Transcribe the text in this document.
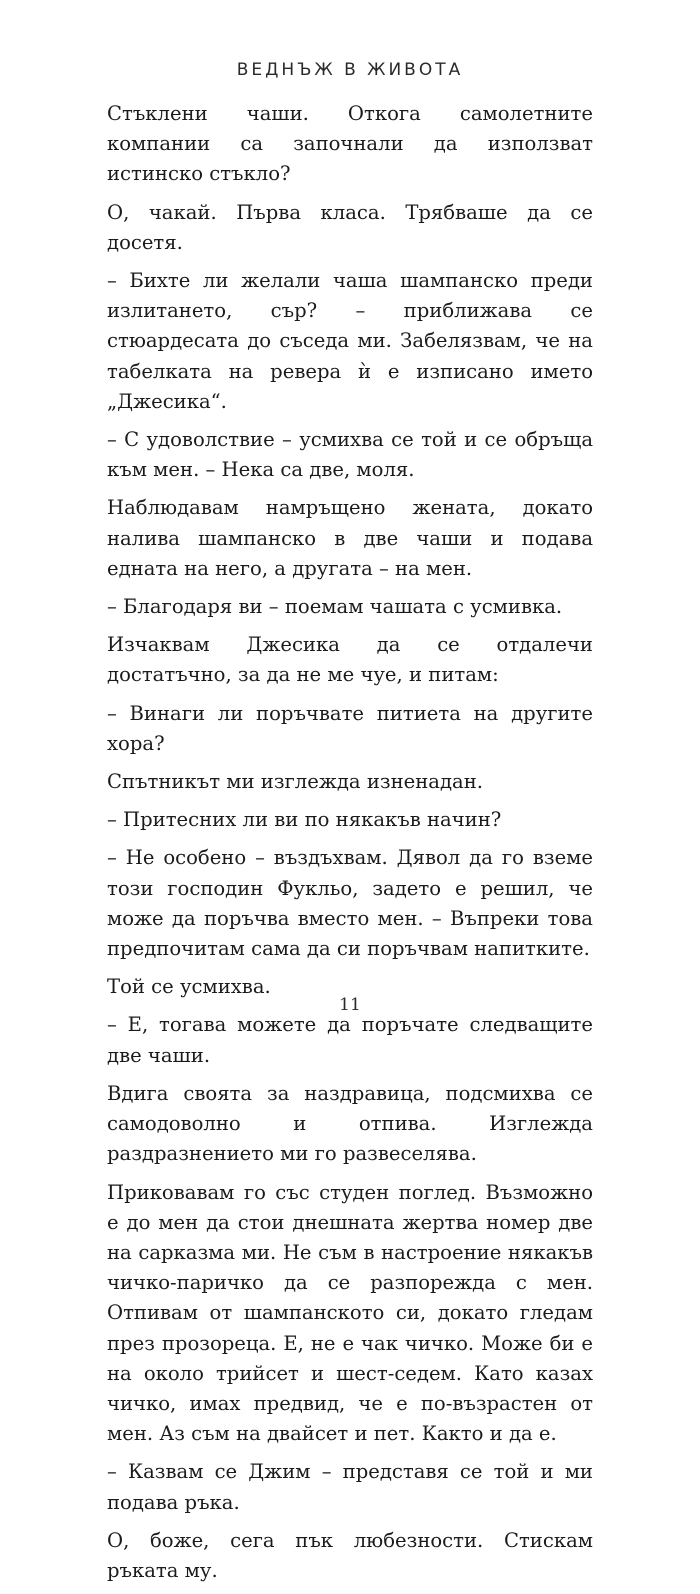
ВЕДНЪЖ В ЖИВОТА

Стъклени чаши. Откога самолетните компании са започнали да използват истинско стъкло?

О, чакай. Първа класа. Трябваше да се досетя.

– Бихте ли желали чаша шампанско преди излитането, сър? – приближава се стюардесата до съседа ми. Забелязвам, че на табелката на ревера ѝ е изписано името „Джесика“.

– С удоволствие – усмихва се той и се обръща към мен. – Нека са две, моля.

Наблюдавам намръщено жената, докато налива шампанско в две чаши и подава едната на него, а другата – на мен.

– Благодаря ви – поемам чашата с усмивка.

Изчаквам Джесика да се отдалечи достатъчно, за да не ме чуе, и питам:

– Винаги ли поръчвате питиета на другите хора?

Спътникът ми изглежда изненадан.

– Притесних ли ви по някакъв начин?

– Не особено – въздъхвам. Дявол да го вземе този господин Фукльо, задето е решил, че може да поръчва вместо мен. – Въпреки това предпочитам сама да си поръчвам напитките.

Той се усмихва.

– Е, тогава можете да поръчате следващите две чаши.

Вдига своята за наздравица, подсмихва се самодоволно и отпива. Изглежда раздразнението ми го развеселява.

Приковавам го със студен поглед. Възможно е до мен да стои днешната жертва номер две на сарказма ми. Не съм в настроение някакъв чичко-паричко да се разпорежда с мен. Отпивам от шампанското си, докато гледам през прозореца. Е, не е чак чичко. Може би е на около трийсет и шест-седем. Като казах чичко, имах предвид, че е по-възрастен от мен. Аз съм на двайсет и пет. Както и да е.

– Казвам се Джим – представя се той и ми подава ръка.

О, боже, сега пък любезности. Стискам ръката му.

11
